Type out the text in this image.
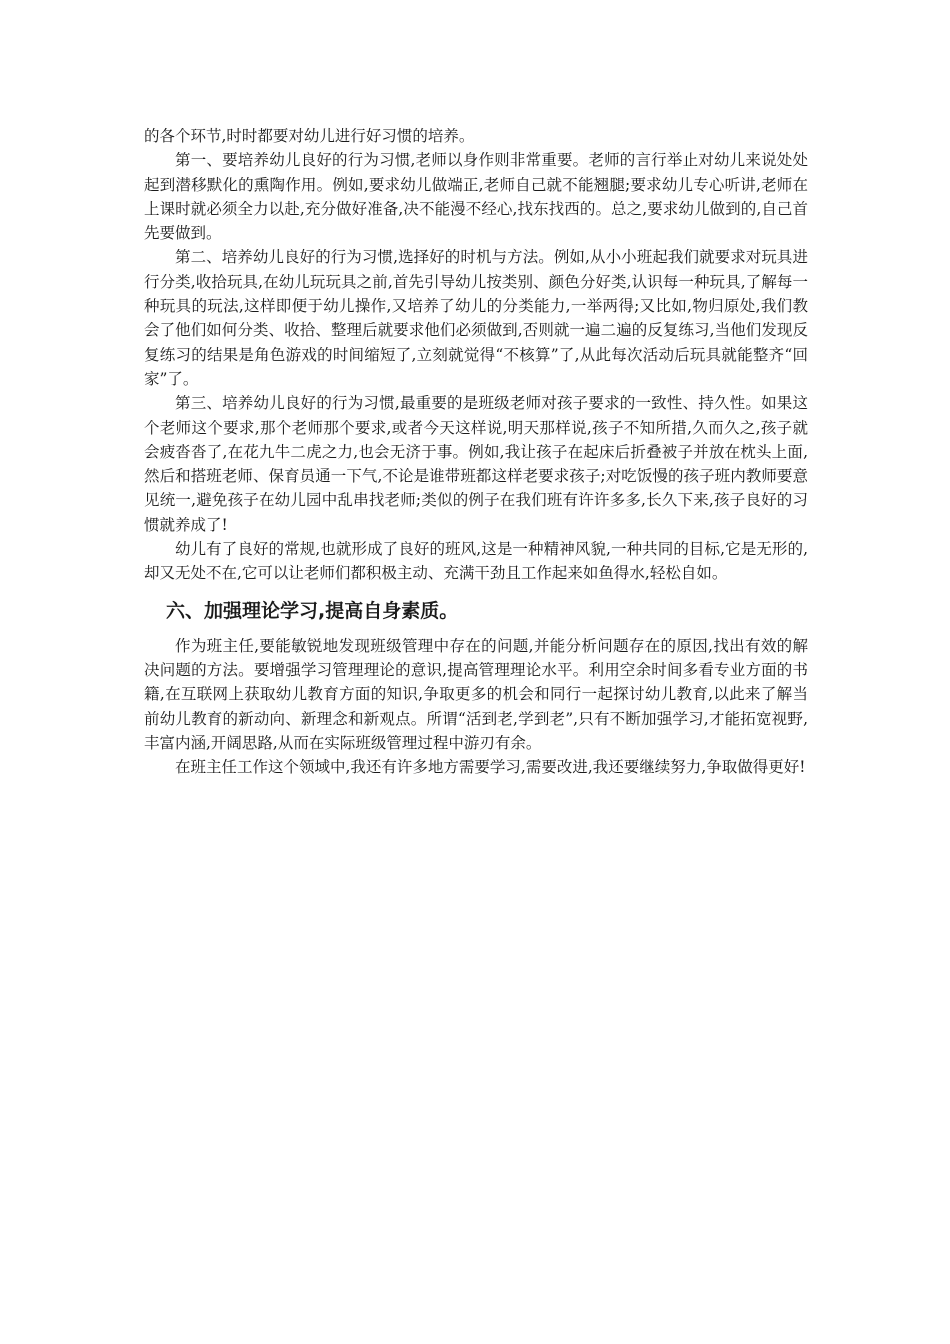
的各个环节,时时都要对幼儿进行好习惯的培养。

第一、要培养幼儿良好的行为习惯,老师以身作则非常重要。老师的言行举止对幼儿来说处处起到潜移默化的熏陶作用。例如,要求幼儿做端正,老师自己就不能翘腿;要求幼儿专心听讲,老师在上课时就必须全力以赴,充分做好准备,决不能漫不经心,找东找西的。总之,要求幼儿做到的,自己首先要做到。

第二、培养幼儿良好的行为习惯,选择好的时机与方法。例如,从小小班起我们就要求对玩具进行分类,收拾玩具,在幼儿玩玩具之前,首先引导幼儿按类别、颜色分好类,认识每一种玩具,了解每一种玩具的玩法,这样即便于幼儿操作,又培养了幼儿的分类能力,一举两得;又比如,物归原处,我们教会了他们如何分类、收拾、整理后就要求他们必须做到,否则就一遍二遍的反复练习,当他们发现反复练习的结果是角色游戏的时间缩短了,立刻就觉得“不核算”了,从此每次活动后玩具就能整齐“回家”了。

第三、培养幼儿良好的行为习惯,最重要的是班级老师对孩子要求的一致性、持久性。如果这个老师这个要求,那个老师那个要求,或者今天这样说,明天那样说,孩子不知所措,久而久之,孩子就会疲沓沓了,在花九牛二虎之力,也会无济于事。例如,我让孩子在起床后折叠被子并放在枕头上面,然后和搭班老师、保育员通一下气,不论是谁带班都这样老要求孩子;对吃饭慢的孩子班内教师要意见统一,避免孩子在幼儿园中乱串找老师;类似的例子在我们班有许许多多,长久下来,孩子良好的习惯就养成了!

幼儿有了良好的常规,也就形成了良好的班风,这是一种精神风貌,一种共同的目标,它是无形的,却又无处不在,它可以让老师们都积极主动、充满干劲且工作起来如鱼得水,轻松自如。

六、加强理论学习,提高自身素质。

作为班主任,要能敏锐地发现班级管理中存在的问题,并能分析问题存在的原因,找出有效的解决问题的方法。要增强学习管理理论的意识,提高管理理论水平。利用空余时间多看专业方面的书籍,在互联网上获取幼儿教育方面的知识,争取更多的机会和同行一起探讨幼儿教育,以此来了解当前幼儿教育的新动向、新理念和新观点。所谓“活到老,学到老”,只有不断加强学习,才能拓宽视野,丰富内涵,开阔思路,从而在实际班级管理过程中游刃有余。

在班主任工作这个领域中,我还有许多地方需要学习,需要改进,我还要继续努力,争取做得更好!
